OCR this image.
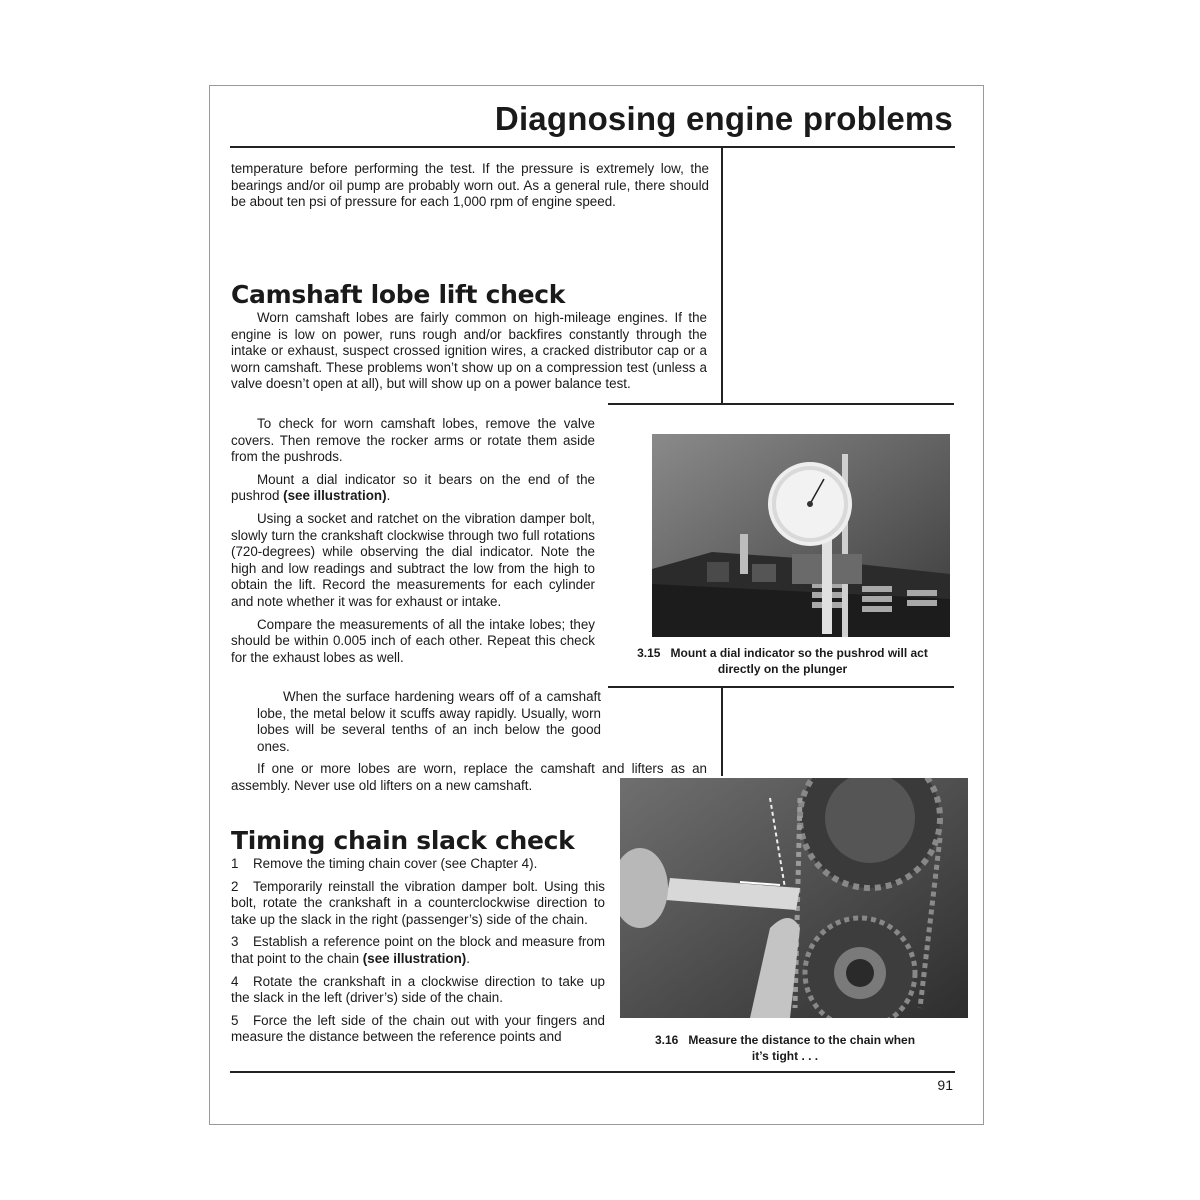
Diagnosing engine problems

temperature before performing the test. If the pressure is extremely low, the bearings and/or oil pump are probably worn out. As a general rule, there should be about ten psi of pressure for each 1,000 rpm of engine speed.

Camshaft lobe lift check

Worn camshaft lobes are fairly common on high-mileage engines. If the engine is low on power, runs rough and/or backfires constantly through the intake or exhaust, suspect crossed ignition wires, a cracked distributor cap or a worn camshaft. These problems won’t show up on a compression test (unless a valve doesn’t open at all), but will show up on a power balance test.

To check for worn camshaft lobes, remove the valve covers. Then remove the rocker arms or rotate them aside from the pushrods.

Mount a dial indicator so it bears on the end of the pushrod (see illustration).

Using a socket and ratchet on the vibration damper bolt, slowly turn the crankshaft clockwise through two full rotations (720-degrees) while observing the dial indicator. Note the high and low readings and subtract the low from the high to obtain the lift. Record the measurements for each cylinder and note whether it was for exhaust or intake.

Compare the measurements of all the intake lobes; they should be within 0.005 inch of each other. Repeat this check for the exhaust lobes as well.	3.15 Mount a dial indicator so the pushrod will act
directly on the plunger

When the surface hardening wears off of a camshaft lobe, the metal below it scuffs away rapidly. Usually, worn lobes will be several tenths of an inch below the good ones.

If one or more lobes are worn, replace the camshaft and lifters as an assembly. Never use old lifters on a new camshaft.

Timing chain slack check

1 Remove the timing chain cover (see Chapter 4).

2 Temporarily reinstall the vibration damper bolt. Using this bolt, rotate the crankshaft in a counterclockwise direction to take up the slack in the right (passenger’s) side of the chain.

3 Establish a reference point on the block and measure from that point to the chain (see illustration).

4 Rotate the crankshaft in a clockwise direction to take up the slack in the left (driver’s) side of the chain.

5 Force the left side of the chain out with your fingers and measure the distance between the reference points and	3.16 Measure the distance to the chain when
it’s tight . . .
91
